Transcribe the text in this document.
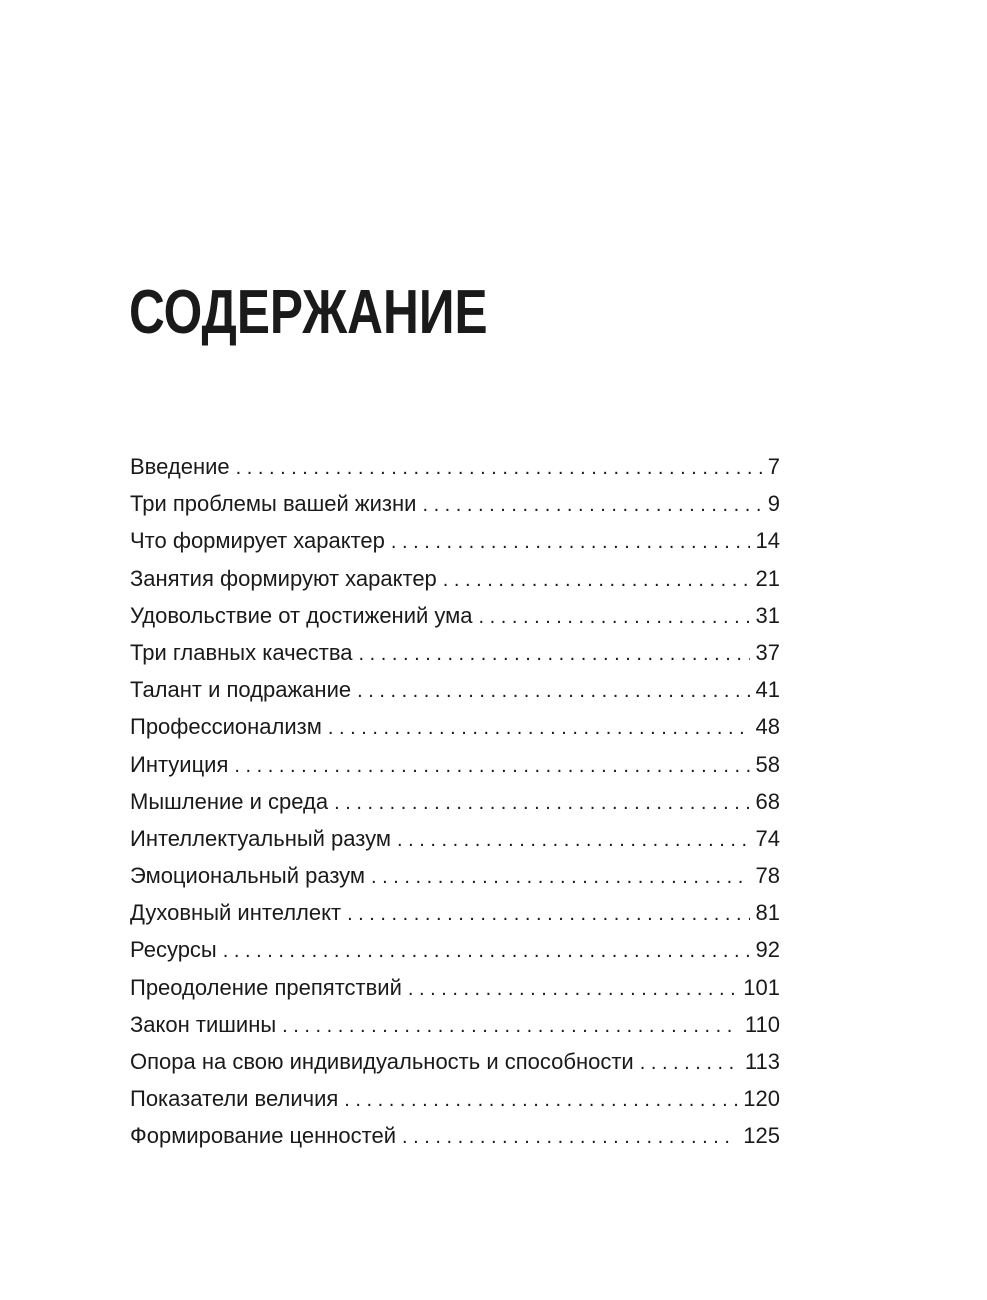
СОДЕРЖАНИЕ
Введение . . .	7
Три проблемы вашей жизни . . .	9
Что формирует характер . . .	14
Занятия формируют характер . . .	21
Удовольствие от достижений ума . . .	31
Три главных качества . . .	37
Талант и подражание . . .	41
Профессионализм . . .	48
Интуиция . . .	58
Мышление и среда . . .	68
Интеллектуальный разум . . .	74
Эмоциональный разум . . .	78
Духовный интеллект . . .	81
Ресурсы . . .	92
Преодоление препятствий . . .	101
Закон тишины . . .	110
Опора на свою индивидуальность и способности . . .	113
Показатели величия . . .	120
Формирование ценностей . . .	125
